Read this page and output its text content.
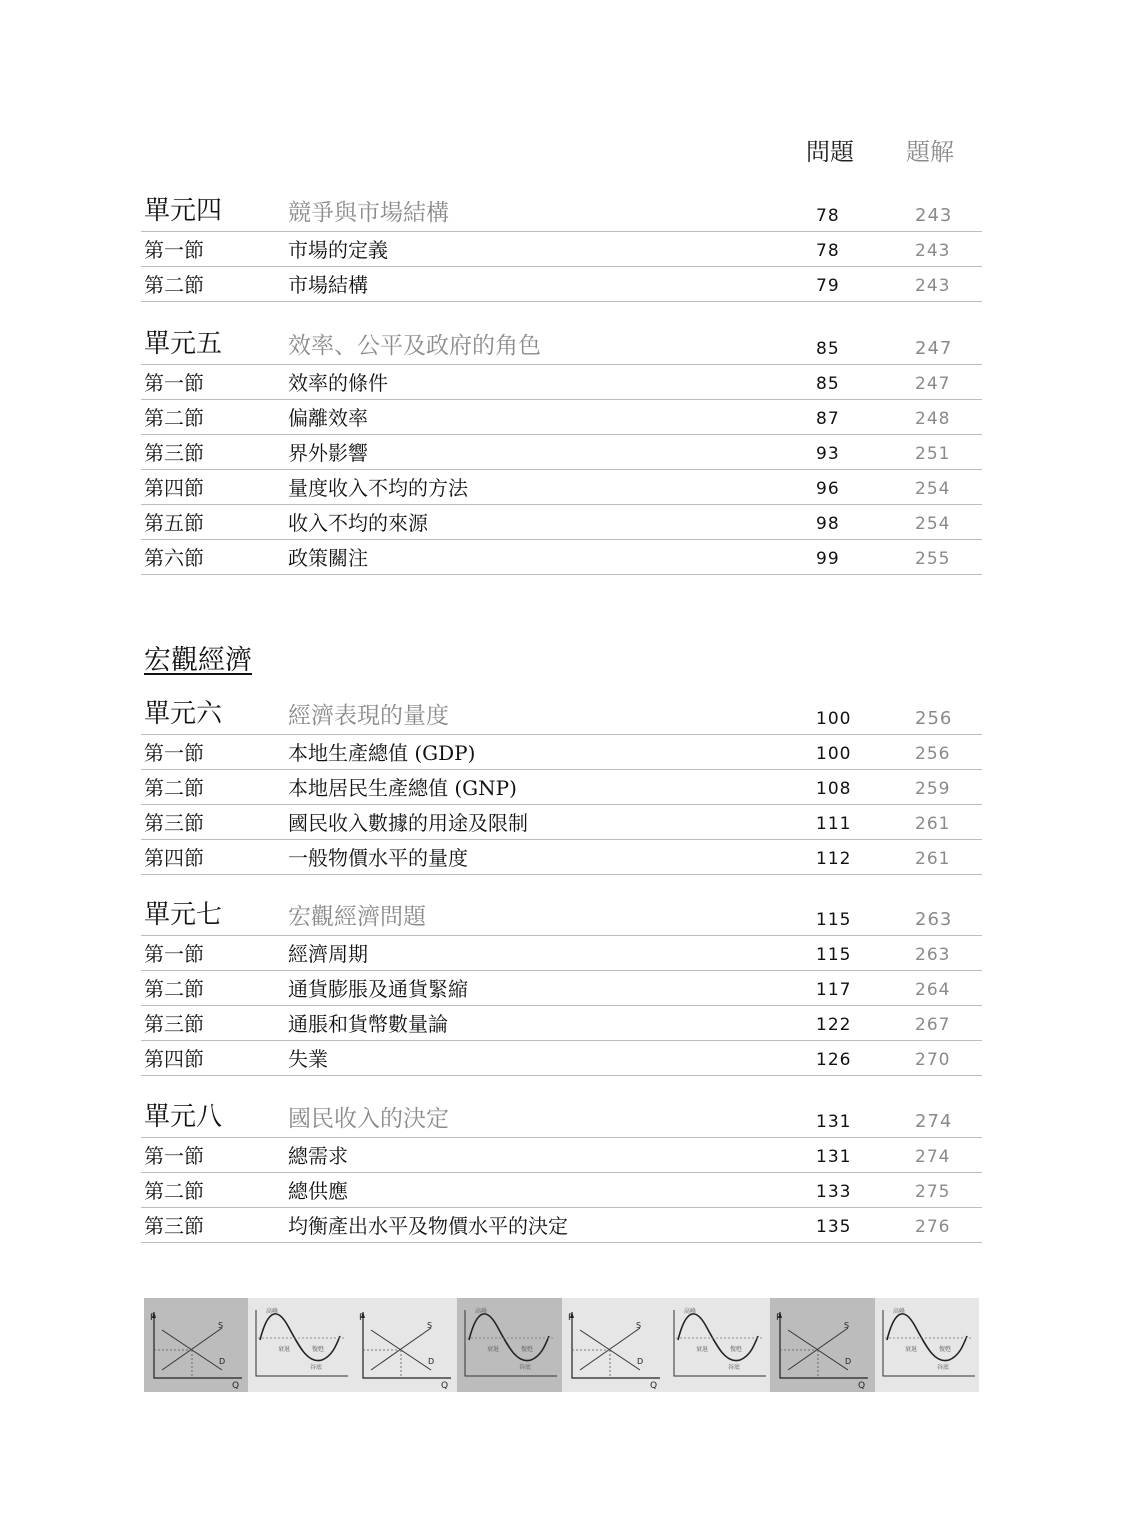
問題 題解
單元四	競爭與市場結構	78	243
第一節	市場的定義	78	243
第二節	市場結構	79	243
單元五	效率、公平及政府的角色	85	247
第一節	效率的條件	85	247
第二節	偏離效率	87	248
第三節	界外影響	93	251
第四節	量度收入不均的方法	96	254
第五節	收入不均的來源	98	254
第六節	政策關注	99	255
宏觀經濟
單元六	經濟表現的量度	100	256
第一節	本地生產總值 (GDP)	100	256
第二節	本地居民生產總值 (GNP)	108	259
第三節	國民收入數據的用途及限制	111	261
第四節	一般物價水平的量度	112	261
單元七	宏觀經濟問題	115	263
第一節	經濟周期	115	263
第二節	通貨膨脹及通貨緊縮	117	264
第三節	通脹和貨幣數量論	122	267
第四節	失業	126	270
單元八	國民收入的決定	131	274
第一節	總需求	131	274
第二節	總供應	133	275
第三節	均衡產出水平及物價水平的決定	135	276
P
Q
S
D
高峰
衰退	復甦
谷底
P
Q
S
D
高峰
衰退	復甦
谷底
P
Q
S
D
高峰
衰退	復甦
谷底
P
Q
S
D
高峰
衰退	復甦
谷底
